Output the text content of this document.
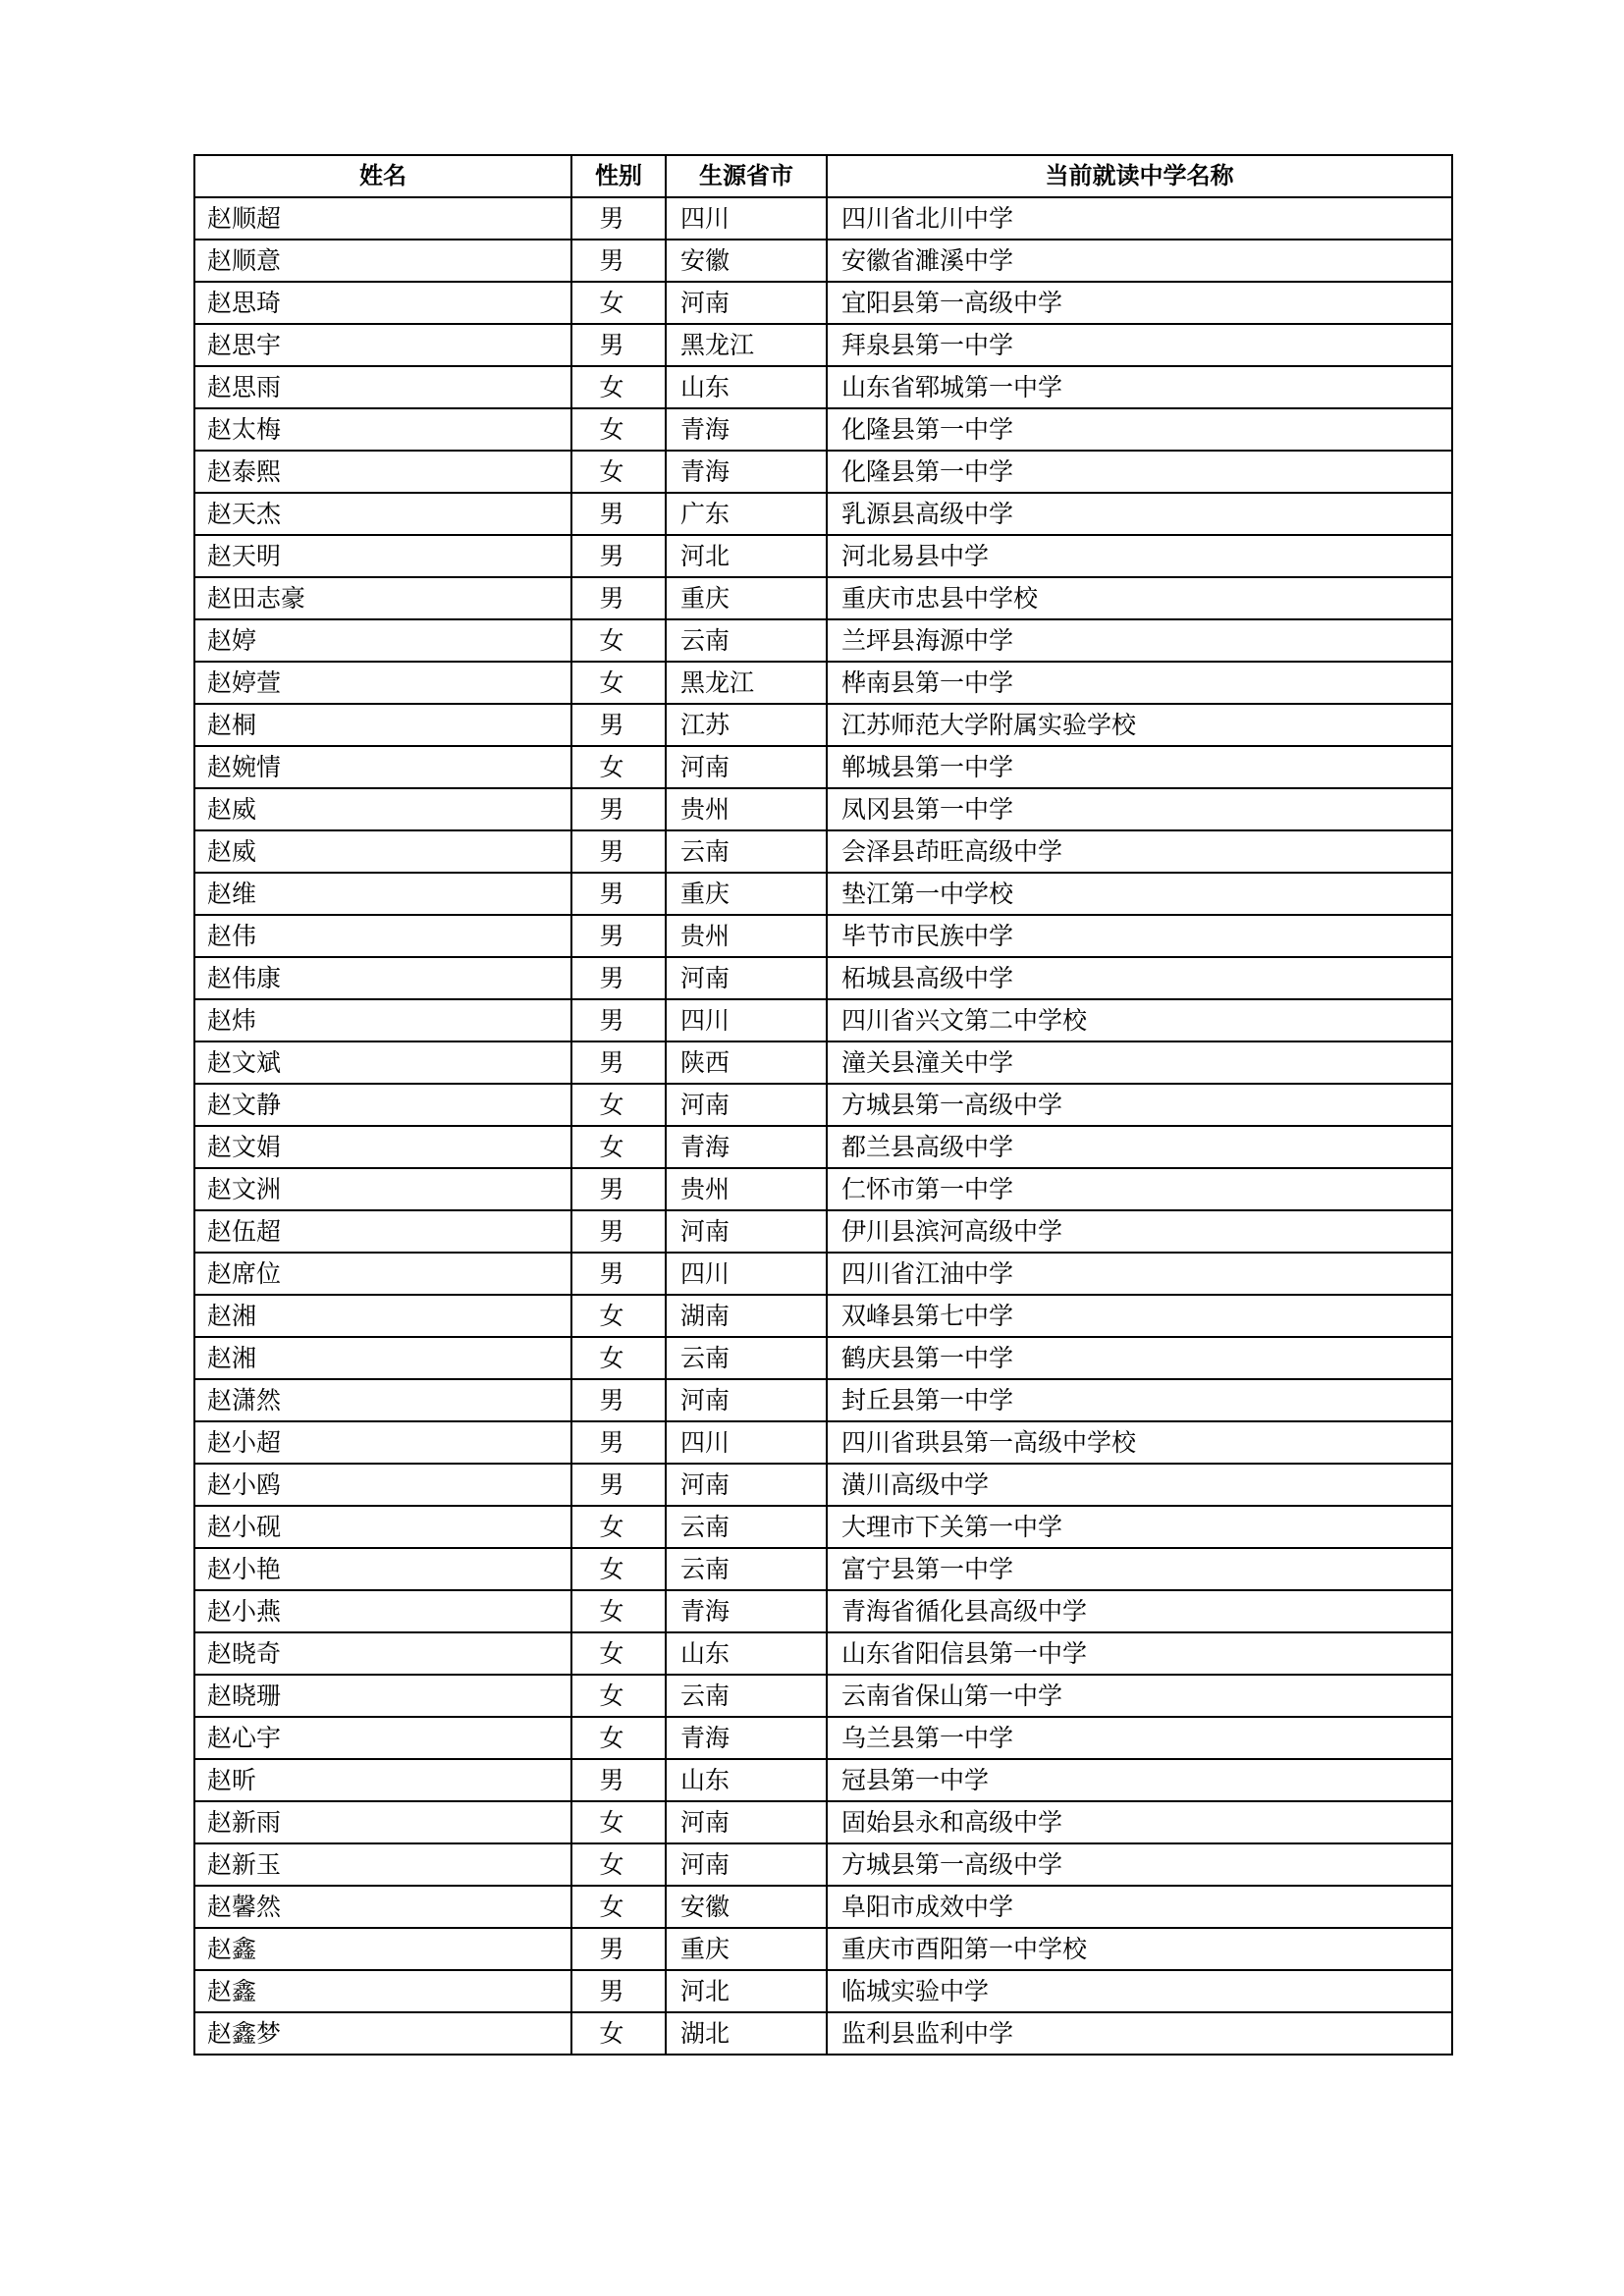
姓名	性别	生源省市	当前就读中学名称
赵顺超	男	四川	四川省北川中学
赵顺意	男	安徽	安徽省濉溪中学
赵思琦	女	河南	宜阳县第一高级中学
赵思宇	男	黑龙江	拜泉县第一中学
赵思雨	女	山东	山东省郓城第一中学
赵太梅	女	青海	化隆县第一中学
赵泰熙	女	青海	化隆县第一中学
赵天杰	男	广东	乳源县高级中学
赵天明	男	河北	河北易县中学
赵田志豪	男	重庆	重庆市忠县中学校
赵婷	女	云南	兰坪县海源中学
赵婷萱	女	黑龙江	桦南县第一中学
赵桐	男	江苏	江苏师范大学附属实验学校
赵婉情	女	河南	郸城县第一中学
赵威	男	贵州	凤冈县第一中学
赵威	男	云南	会泽县茚旺高级中学
赵维	男	重庆	垫江第一中学校
赵伟	男	贵州	毕节市民族中学
赵伟康	男	河南	柘城县高级中学
赵炜	男	四川	四川省兴文第二中学校
赵文斌	男	陕西	潼关县潼关中学
赵文静	女	河南	方城县第一高级中学
赵文娟	女	青海	都兰县高级中学
赵文洲	男	贵州	仁怀市第一中学
赵伍超	男	河南	伊川县滨河高级中学
赵席位	男	四川	四川省江油中学
赵湘	女	湖南	双峰县第七中学
赵湘	女	云南	鹤庆县第一中学
赵潇然	男	河南	封丘县第一中学
赵小超	男	四川	四川省珙县第一高级中学校
赵小鸥	男	河南	潢川高级中学
赵小砚	女	云南	大理市下关第一中学
赵小艳	女	云南	富宁县第一中学
赵小燕	女	青海	青海省循化县高级中学
赵晓奇	女	山东	山东省阳信县第一中学
赵晓珊	女	云南	云南省保山第一中学
赵心宇	女	青海	乌兰县第一中学
赵昕	男	山东	冠县第一中学
赵新雨	女	河南	固始县永和高级中学
赵新玉	女	河南	方城县第一高级中学
赵馨然	女	安徽	阜阳市成效中学
赵鑫	男	重庆	重庆市酉阳第一中学校
赵鑫	男	河北	临城实验中学
赵鑫梦	女	湖北	监利县监利中学
